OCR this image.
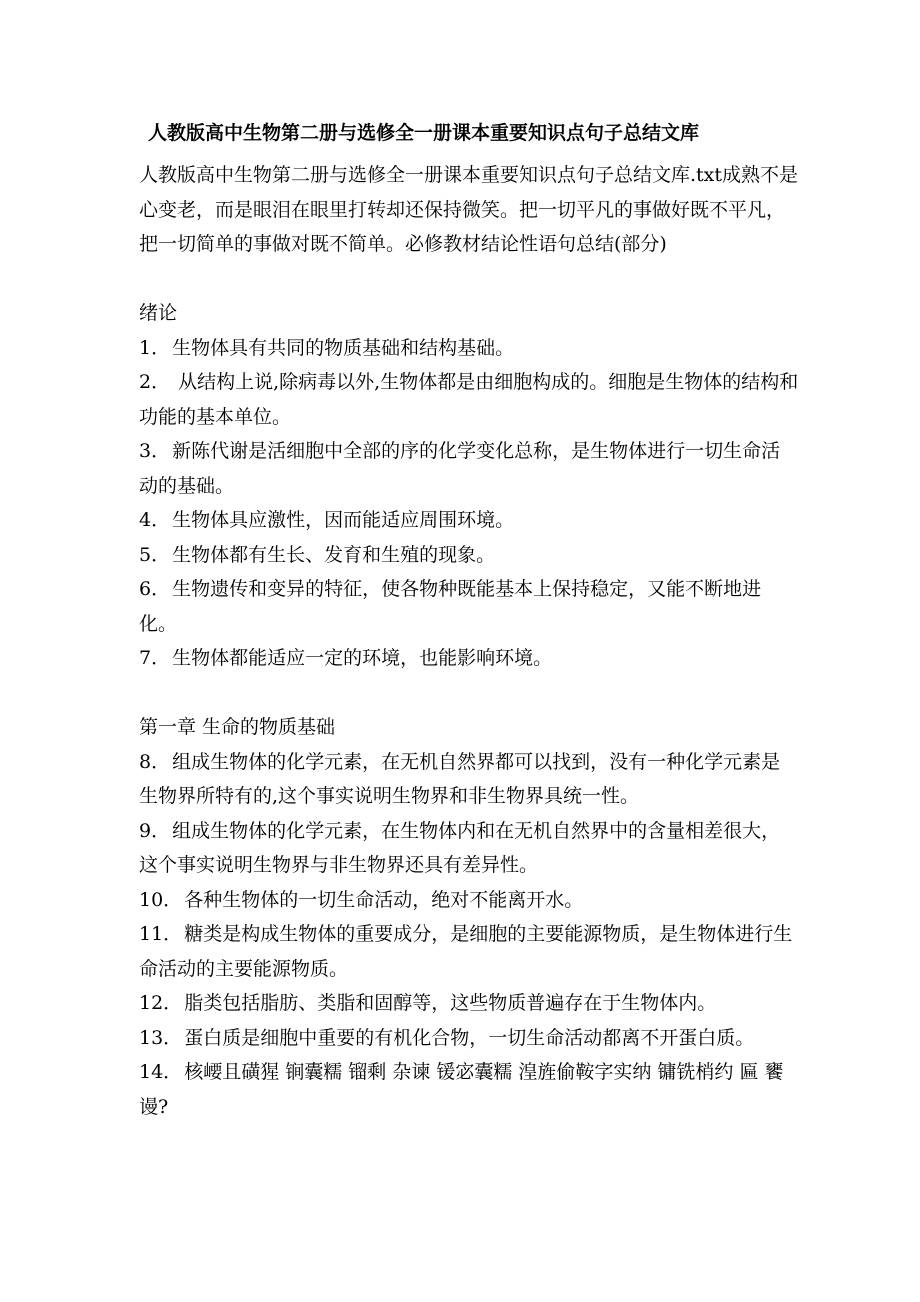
人教版高中生物第二册与选修全一册课本重要知识点句子总结文库

人教版高中生物第二册与选修全一册课本重要知识点句子总结文库.txt成熟不是心变老，而是眼泪在眼里打转却还保持微笑。把一切平凡的事做好既不平凡，把一切简单的事做对既不简单。必修教材结论性语句总结(部分)

绪论
1． 生物体具有共同的物质基础和结构基础。
2． 从结构上说,除病毒以外,生物体都是由细胞构成的。细胞是生物体的结构和功能的基本单位。
3． 新陈代谢是活细胞中全部的序的化学变化总称，是生物体进行一切生命活动的基础。
4． 生物体具应激性，因而能适应周围环境。
5． 生物体都有生长、发育和生殖的现象。
6． 生物遗传和变异的特征，使各物种既能基本上保持稳定，又能不断地进化。
7． 生物体都能适应一定的环境，也能影响环境。
第一章 生命的物质基础
8． 组成生物体的化学元素，在无机自然界都可以找到，没有一种化学元素是生物界所特有的,这个事实说明生物界和非生物界具统一性。
9． 组成生物体的化学元素，在生物体内和在无机自然界中的含量相差很大，这个事实说明生物界与非生物界还具有差异性。
10． 各种生物体的一切生命活动，绝对不能离开水。
11． 糖类是构成生物体的重要成分，是细胞的主要能源物质，是生物体进行生命活动的主要能源物质。
12． 脂类包括脂肪、类脂和固醇等，这些物质普遍存在于生物体内。
13． 蛋白质是细胞中重要的有机化合物，一切生命活动都离不开蛋白质。
14． 核崾且磺猩 锏囊糯 镏剩 杂谏 锾宓囊糯 湟旌偷鞍字实纳 镛铣梢约 匾 饔谩?
